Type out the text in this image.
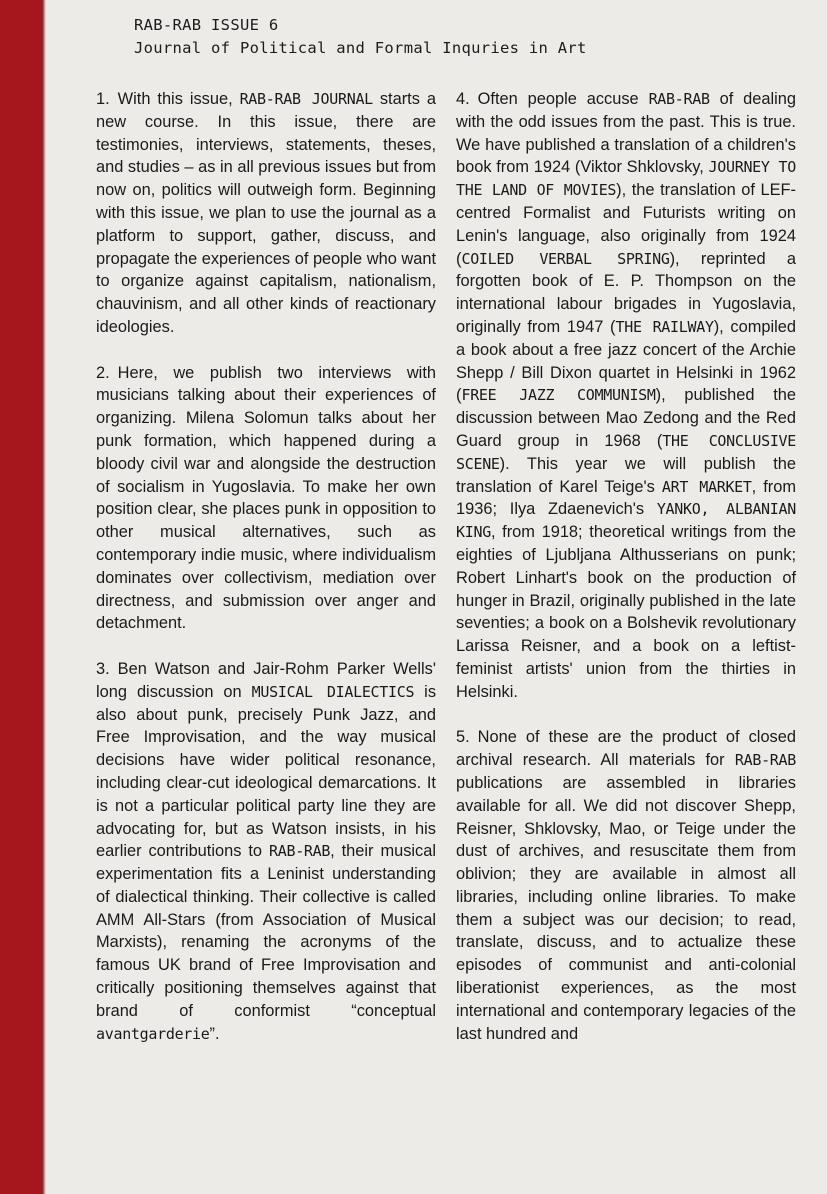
RAB-RAB ISSUE 6
Journal of Political and Formal Inquries in Art

1. With this issue, RAB-RAB JOURNAL starts a new course. In this issue, there are testimonies, interviews, statements, theses, and studies – as in all previous issues but from now on, politics will outweigh form. Beginning with this issue, we plan to use the journal as a platform to support, gather, discuss, and propagate the experiences of people who want to organize against capitalism, nationalism, chauvinism, and all other kinds of reactionary ideologies.

2. Here, we publish two interviews with musicians talking about their experiences of organizing. Milena Solomun talks about her punk formation, which happened during a bloody civil war and alongside the destruction of socialism in Yugoslavia. To make her own position clear, she places punk in opposition to other musical alternatives, such as contemporary indie music, where individualism dominates over collectivism, mediation over directness, and submission over anger and detachment.

3. Ben Watson and Jair-Rohm Parker Wells' long discussion on MUSICAL DIALECTICS is also about punk, precisely Punk Jazz, and Free Improvisation, and the way musical decisions have wider political resonance, including clear-cut ideological demarcations. It is not a particular political party line they are advocating for, but as Watson insists, in his earlier contributions to RAB-RAB, their musical experimentation fits a Leninist understanding of dialectical thinking. Their collective is called AMM All-Stars (from Association of Musical Marxists), renaming the acronyms of the famous UK brand of Free Improvisation and critically positioning themselves against that brand of conformist “conceptual avantgarderie”.

4. Often people accuse RAB-RAB of dealing with the odd issues from the past. This is true. We have published a translation of a children's book from 1924 (Viktor Shklovsky, JOURNEY TO THE LAND OF MOVIES), the translation of LEF-centred Formalist and Futurists writing on Lenin's language, also originally from 1924 (COILED VERBAL SPRING), reprinted a forgotten book of E. P. Thompson on the international labour brigades in Yugoslavia, originally from 1947 (THE RAILWAY), compiled a book about a free jazz concert of the Archie Shepp / Bill Dixon quartet in Helsinki in 1962 (FREE JAZZ COMMUNISM), published the discussion between Mao Zedong and the Red Guard group in 1968 (THE CONCLUSIVE SCENE). This year we will publish the translation of Karel Teige's ART MARKET, from 1936; Ilya Zdaenevich's YANKO, ALBANIAN KING, from 1918; theoretical writings from the eighties of Ljubljana Althusserians on punk; Robert Linhart's book on the production of hunger in Brazil, originally published in the late seventies; a book on a Bolshevik revolutionary Larissa Reisner, and a book on a leftist-feminist artists' union from the thirties in Helsinki.

5. None of these are the product of closed archival research. All materials for RAB-RAB publications are assembled in libraries available for all. We did not discover Shepp, Reisner, Shklovsky, Mao, or Teige under the dust of archives, and resuscitate them from oblivion; they are available in almost all libraries, including online libraries. To make them a subject was our decision; to read, translate, discuss, and to actualize these episodes of communist and anti-colonial liberationist experiences, as the most international and contemporary legacies of the last hundred and
